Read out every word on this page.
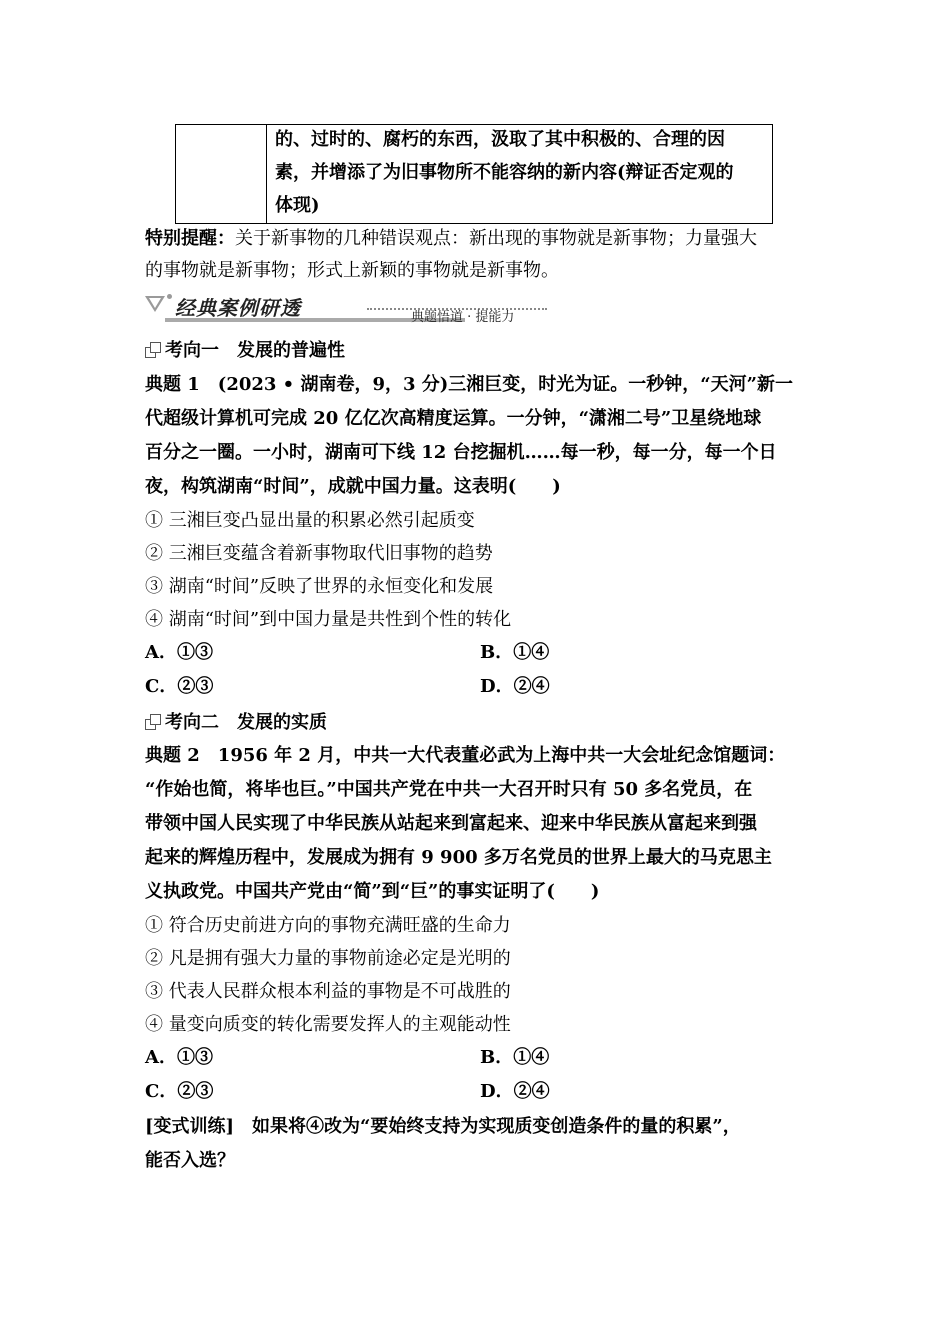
的、过时的、腐朽的东西，汲取了其中积极的、合理的因
素，并增添了为旧事物所不能容纳的新内容(辩证否定观的
体现)
特别提醒：关于新事物的几种错误观点：新出现的事物就是新事物；力量强大
的事物就是新事物；形式上新颖的事物就是新事物。
经典案例研透	典题悟道 · 提能力
考向一　发展的普遍性
典题 1　 (2023 • 湖南卷，9，3 分)三湘巨变，时光为证。一秒钟，“天河”新一
代超级计算机可完成 20 亿亿次高精度运算。一分钟，“潇湘二号”卫星绕地球
百分之一圈。一小时，湖南可下线 12 台挖掘机……每一秒，每一分，每一个日
夜，构筑湖南“时间”，成就中国力量。这表明(　　)
① 三湘巨变凸显出量的积累必然引起质变
② 三湘巨变蕴含着新事物取代旧事物的趋势
③ 湖南“时间”反映了世界的永恒变化和发展
④ 湖南“时间”到中国力量是共性到个性的转化
A．①③	B．①④
C．②③	D．②④
考向二　发展的实质
典题 2　 1956 年 2 月，中共一大代表董必武为上海中共一大会址纪念馆题词：
“作始也简，将毕也巨。”中国共产党在中共一大召开时只有 50 多名党员，在
带领中国人民实现了中华民族从站起来到富起来、迎来中华民族从富起来到强
起来的辉煌历程中，发展成为拥有 9 900 多万名党员的世界上最大的马克思主
义执政党。中国共产党由“简”到“巨”的事实证明了(　　)
① 符合历史前进方向的事物充满旺盛的生命力
② 凡是拥有强大力量的事物前途必定是光明的
③ 代表人民群众根本利益的事物是不可战胜的
④ 量变向质变的转化需要发挥人的主观能动性
A．①③	B．①④
C．②③	D．②④
[变式训练]　 如果将④改为“要始终支持为实现质变创造条件的量的积累”，
能否入选？
